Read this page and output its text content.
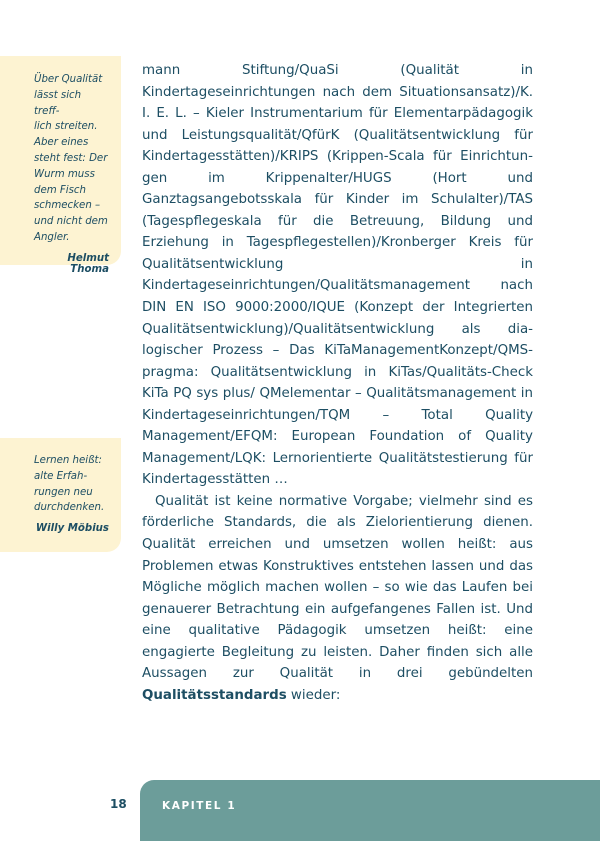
Über Qualität
lässt sich treff-
lich streiten.
Aber eines
steht fest: Der
Wurm muss
dem Fisch
schmecken –
und nicht dem
Angler.

Helmut Thoma

Lernen heißt:
alte Erfah-
rungen neu
durchdenken.

Willy Möbius

mann Stiftung/QuaSi (Qualität in Kindertageseinrichtungen nach dem Situationsansatz)/K. I. E. L. – Kieler Instrumentarium für Elementarpädagogik und Leistungsqualität/QfürK (Qualitätsentwicklung für Kindertagesstätten)/KRIPS (Krippen-Scala für Einrichtungen im Krippenalter/HUGS (Hort und Ganztagsangebotsskala für Kinder im Schulalter)/TAS (Tagespflegeskala für die Betreuung, Bildung und Erziehung in Tagespflegestellen)/Kronberger Kreis für Qualitätsentwicklung in Kindertageseinrichtungen/Qualitätsmanagement nach DIN EN ISO 9000:2000/IQUE (Konzept der Integrierten Qualitätsentwicklung)/Qualitätsentwicklung als dialogischer Prozess – Das KiTaManagementKonzept/QMS-pragma: Qualitätsentwicklung in KiTas/Qualitäts-Check KiTa PQ sys plus/ QMelementar – Qualitätsmanagement in Kindertageseinrichtungen/TQM – Total Quality Management/EFQM: European Foundation of Quality Management/LQK: Lernorientierte Qualitätstestierung für Kindertagesstätten …

Qualität ist keine normative Vorgabe; vielmehr sind es förderliche Standards, die als Zielorientierung dienen. Qualität erreichen und umsetzen wollen heißt: aus Problemen etwas Konstruktives entstehen lassen und das Mögliche möglich machen wollen – so wie das Laufen bei genauerer Betrachtung ein aufgefangenes Fallen ist. Und eine qualitative Pädagogik umsetzen heißt: eine engagierte Begleitung zu leisten. Daher finden sich alle Aussagen zur Qualität in drei gebündelten Qualitätsstandards wieder:

18	KAPITEL 1
